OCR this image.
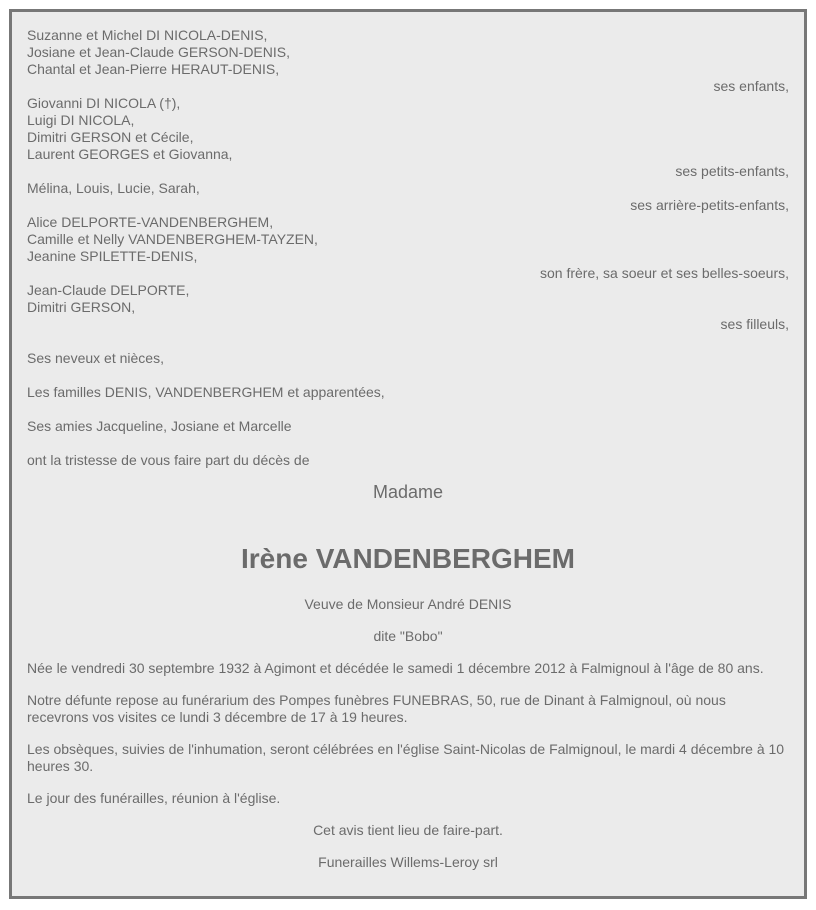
Suzanne et Michel DI NICOLA-DENIS,
Josiane et Jean-Claude GERSON-DENIS,
Chantal et Jean-Pierre HERAUT-DENIS,
ses enfants,
Giovanni DI NICOLA (†),
Luigi DI NICOLA,
Dimitri GERSON et Cécile,
Laurent GEORGES et Giovanna,
ses petits-enfants,
Mélina, Louis, Lucie, Sarah,
ses arrière-petits-enfants,
Alice DELPORTE-VANDENBERGHEM,
Camille et Nelly VANDENBERGHEM-TAYZEN,
Jeanine SPILETTE-DENIS,
son frère, sa soeur et ses belles-soeurs,
Jean-Claude DELPORTE,
Dimitri GERSON,
ses filleuls,
Ses neveux et nièces,
Les familles DENIS, VANDENBERGHEM et apparentées,
Ses amies Jacqueline, Josiane et Marcelle
ont la tristesse de vous faire part du décès de
Madame
Irène VANDENBERGHEM
Veuve de Monsieur André DENIS
dite "Bobo"
Née le vendredi 30 septembre 1932 à Agimont et décédée le samedi 1 décembre 2012 à Falmignoul à l'âge de 80 ans.
Notre défunte repose au funérarium des Pompes funèbres FUNEBRAS, 50, rue de Dinant à Falmignoul, où nous recevrons vos visites ce lundi 3 décembre de 17 à 19 heures.
Les obsèques, suivies de l'inhumation, seront célébrées en l'église Saint-Nicolas de Falmignoul, le mardi 4 décembre à 10 heures 30.
Le jour des funérailles, réunion à l'église.
Cet avis tient lieu de faire-part.
Funerailles Willems-Leroy srl
